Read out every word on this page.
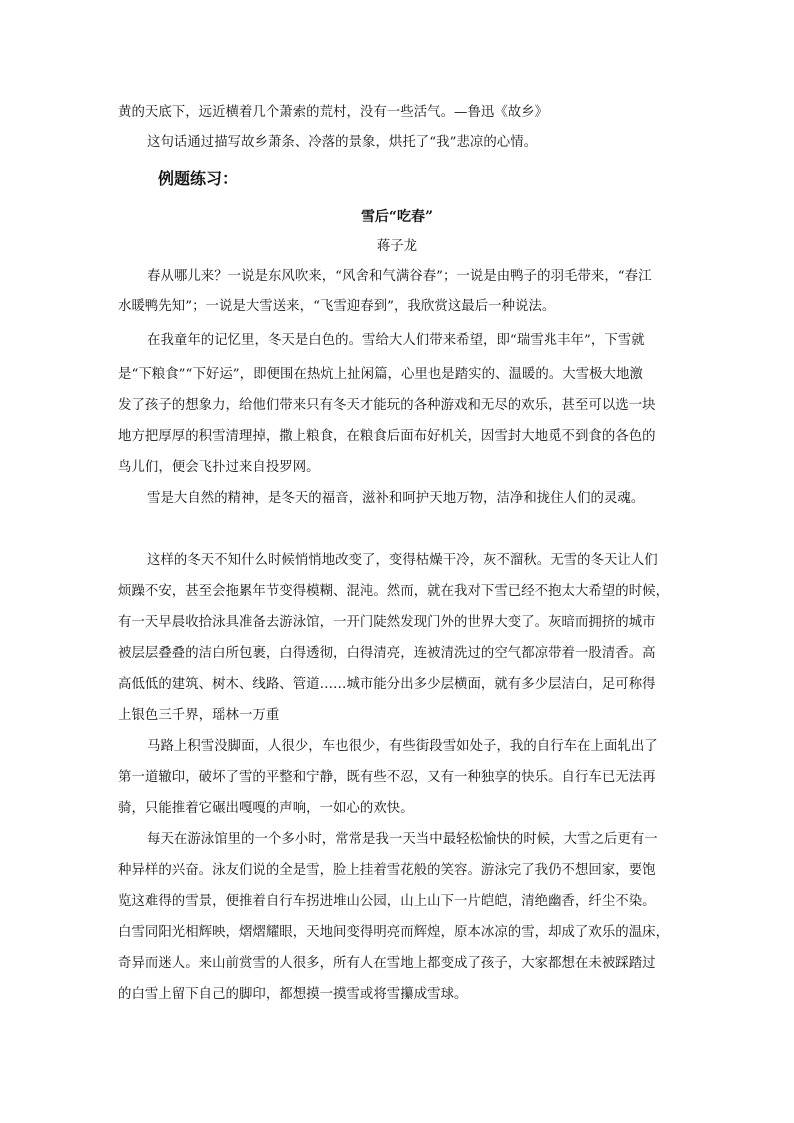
黄的天底下，远近横着几个萧索的荒村，没有一些活气。—鲁迅《故乡》
这句话通过描写故乡萧条、冷落的景象，烘托了“我”悲凉的心情。
例题练习：
雪后“吃春”
蒋子龙
春从哪儿来？一说是东风吹来，“风舍和气满谷春”；一说是由鸭子的羽毛带来，“春江
水暖鸭先知”；一说是大雪送来，“飞雪迎春到”，我欣赏这最后一种说法。
在我童年的记忆里，冬天是白色的。雪给大人们带来希望，即“瑞雪兆丰年”，下雪就
是“下粮食”“下好运”，即便围在热炕上扯闲篇，心里也是踏实的、温暖的。大雪极大地激
发了孩子的想象力，给他们带来只有冬天才能玩的各种游戏和无尽的欢乐，甚至可以选一块
地方把厚厚的积雪清理掉，撒上粮食，在粮食后面布好机关，因雪封大地觅不到食的各色的
鸟儿们，便会飞扑过来自投罗网。
雪是大自然的精神，是冬天的福音，滋补和呵护天地万物，洁净和拢住人们的灵魂。
这样的冬天不知什么时候悄悄地改变了，变得枯燥干冷，灰不溜秋。无雪的冬天让人们
烦躁不安，甚至会拖累年节变得模糊、混沌。然而，就在我对下雪已经不抱太大希望的时候，
有一天早晨收拾泳具准备去游泳馆，一开门陡然发现门外的世界大变了。灰暗而拥挤的城市
被层层叠叠的洁白所包裹，白得透彻，白得清亮，连被清洗过的空气都凉带着一股清香。高
高低低的建筑、树木、线路、管道……城市能分出多少层横面，就有多少层洁白，足可称得
上银色三千界，瑶林一万重
马路上积雪没脚面，人很少，车也很少，有些街段雪如处子，我的自行车在上面轧出了
第一道辙印，破坏了雪的平整和宁静，既有些不忍，又有一种独享的快乐。自行车已无法再
骑，只能推着它碾出嘎嘎的声响，一如心的欢快。
每天在游泳馆里的一个多小时，常常是我一天当中最轻松愉快的时候，大雪之后更有一
种异样的兴奋。泳友们说的全是雪，脸上挂着雪花般的笑容。游泳完了我仍不想回家，要饱
览这难得的雪景，便推着自行车拐进堆山公园，山上山下一片皑皑，清绝幽香，纤尘不染。
白雪同阳光相辉映，熠熠耀眼，天地间变得明亮而辉煌，原本冰凉的雪，却成了欢乐的温床，
奇异而迷人。来山前赏雪的人很多，所有人在雪地上都变成了孩子，大家都想在未被踩踏过
的白雪上留下自己的脚印，都想摸一摸雪或将雪攥成雪球。
